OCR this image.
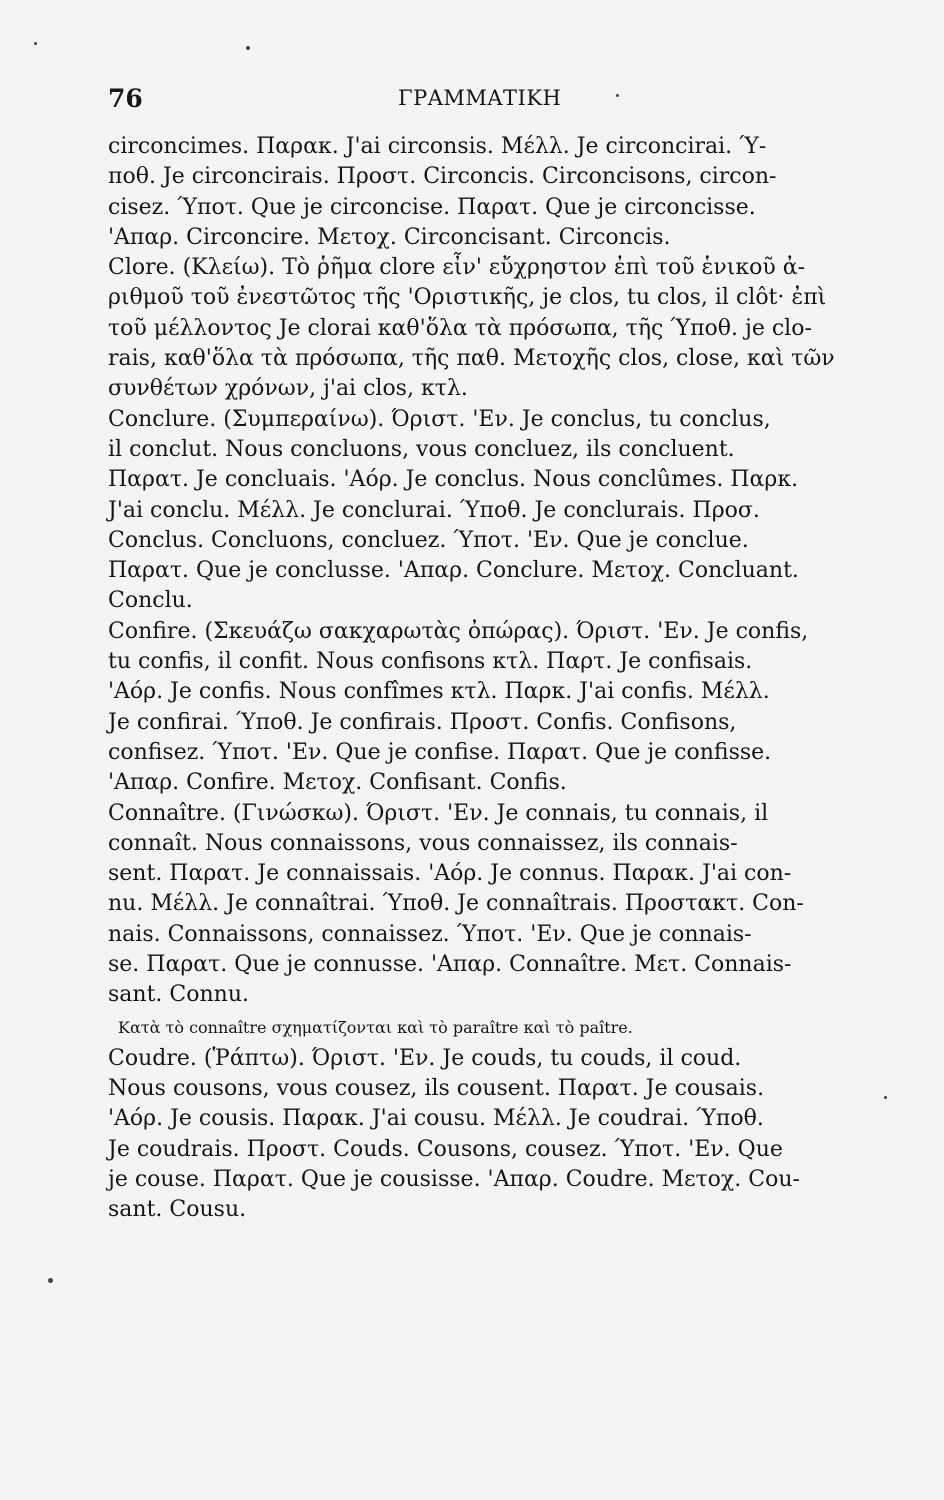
76	ΓΡΑΜΜΑΤΙΚΗ
circoncimes. Παρακ. J'ai circonsis. Μέλλ. Je circoncirai. Ύ-
ποθ. Je circoncirais. Προστ. Circoncis. Circoncisons, circon-
cisez. Ύποτ. Que je circoncise. Παρατ. Que je circoncisse.
'Απαρ. Circoncire. Μετοχ. Circoncisant. Circoncis.
Clore. (Κλείω). Τὸ ῥῆμα clore εἶν' εὔχρηστον ἐπὶ τοῦ ἑνικοῦ ἀ-
ριθμοῦ τοῦ ἐνεστῶτος τῆς 'Οριστικῆς, je clos, tu clos, il clôt· ἐπὶ
τοῦ μέλλοντος Je clorai καθ'ὅλα τὰ πρόσωπα, τῆς Ύποθ. je clo-
rais, καθ'ὅλα τὰ πρόσωπα, τῆς παθ. Μετοχῆς clos, close, καὶ τῶν
συνθέτων χρόνων, j'ai clos, κτλ.
Conclure. (Συμπεραίνω). Όριστ. 'Εν. Je conclus, tu conclus,
il conclut. Nous concluons, vous concluez, ils concluent.
Παρατ. Je concluais. 'Αόρ. Je conclus. Nous conclûmes. Παρκ.
J'ai conclu. Μέλλ. Je conclurai. Ύποθ. Je conclurais. Προσ.
Conclus. Concluons, concluez. Ύποτ. 'Εν. Que je conclue.
Παρατ. Que je conclusse. 'Απαρ. Conclure. Μετοχ. Concluant.
Conclu.
Confire. (Σκευάζω σακχαρωτὰς ὀπώρας). Όριστ. 'Εν. Je confis,
tu confis, il confit. Nous confisons κτλ. Παρτ. Je confisais.
'Αόρ. Je confis. Nous confîmes κτλ. Παρκ. J'ai confis. Μέλλ.
Je confirai. Ύποθ. Je confirais. Προστ. Confis. Confisons,
confisez. Ύποτ. 'Εν. Que je confise. Παρατ. Que je confisse.
'Απαρ. Confire. Μετοχ. Confisant. Confis.
Connaître. (Γινώσκω). Όριστ. 'Εν. Je connais, tu connais, il
connaît. Nous connaissons, vous connaissez, ils connais-
sent. Παρατ. Je connaissais. 'Αόρ. Je connus. Παρακ. J'ai con-
nu. Μέλλ. Je connaîtrai. Ύποθ. Je connaîtrais. Προστακτ. Con-
nais. Connaissons, connaissez. Ύποτ. 'Εν. Que je connais-
se. Παρατ. Que je connusse. 'Απαρ. Connaître. Μετ. Connais-
sant. Connu.
Κατὰ τὸ connaître σχηματίζονται καὶ τὸ paraître καὶ τὸ paître.
Coudre. (Ῥάπτω). Όριστ. 'Εν. Je couds, tu couds, il coud.
Nous cousons, vous cousez, ils cousent. Παρατ. Je cousais.
'Αόρ. Je cousis. Παρακ. J'ai cousu. Μέλλ. Je coudrai. Ύποθ.
Je coudrais. Προστ. Couds. Cousons, cousez. Ύποτ. 'Εν. Que
je couse. Παρατ. Que je cousisse. 'Απαρ. Coudre. Μετοχ. Cou-
sant. Cousu.
